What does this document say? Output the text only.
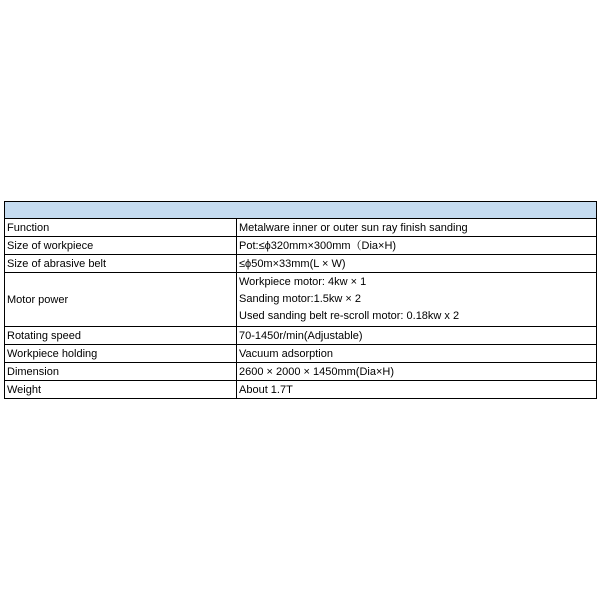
Function	Metalware inner or outer sun ray finish sanding
Size of workpiece	Pot:≤ϕ320mm×300mm（Dia×H)
Size of abrasive belt	≤ϕ50m×33mm(L × W)
Motor power	Workpiece motor: 4kw × 1
Sanding motor:1.5kw × 2
Used sanding belt re-scroll motor: 0.18kw x 2

Rotating speed	70-1450r/min(Adjustable)
Workpiece holding	Vacuum adsorption
Dimension	2600 × 2000 × 1450mm(Dia×H)
Weight	About 1.7T
